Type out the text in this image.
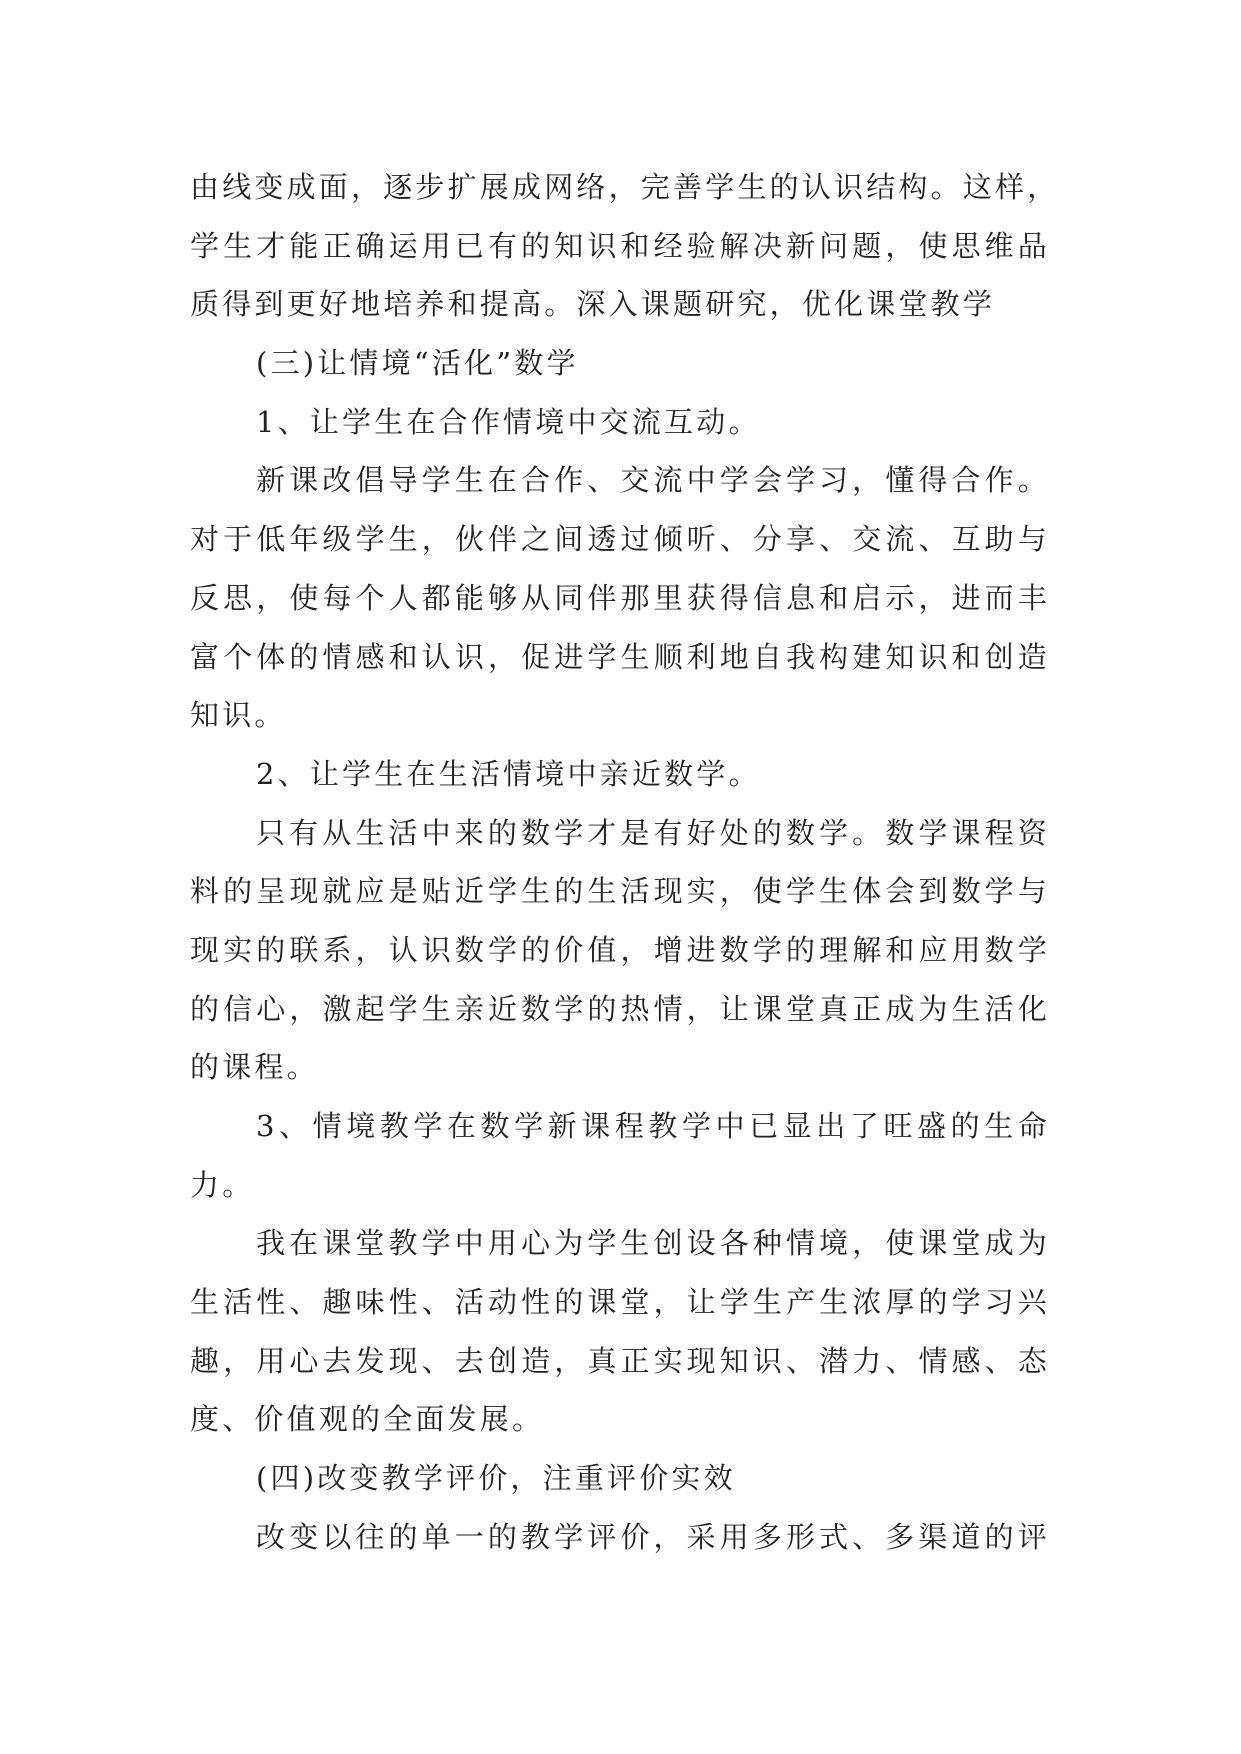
由线变成面，逐步扩展成网络，完善学生的认识结构。这样，

学生才能正确运用已有的知识和经验解决新问题，使思维品

质得到更好地培养和提高。深入课题研究，优化课堂教学

(三)让情境“活化”数学

1、让学生在合作情境中交流互动。

新课改倡导学生在合作、交流中学会学习，懂得合作。

对于低年级学生，伙伴之间透过倾听、分享、交流、互助与

反思，使每个人都能够从同伴那里获得信息和启示，进而丰

富个体的情感和认识，促进学生顺利地自我构建知识和创造

知识。

2、让学生在生活情境中亲近数学。

只有从生活中来的数学才是有好处的数学。数学课程资

料的呈现就应是贴近学生的生活现实，使学生体会到数学与

现实的联系，认识数学的价值，增进数学的理解和应用数学

的信心，激起学生亲近数学的热情，让课堂真正成为生活化

的课程。

3、情境教学在数学新课程教学中已显出了旺盛的生命

力。

我在课堂教学中用心为学生创设各种情境，使课堂成为

生活性、趣味性、活动性的课堂，让学生产生浓厚的学习兴

趣，用心去发现、去创造，真正实现知识、潜力、情感、态

度、价值观的全面发展。

(四)改变教学评价，注重评价实效

改变以往的单一的教学评价，采用多形式、多渠道的评
